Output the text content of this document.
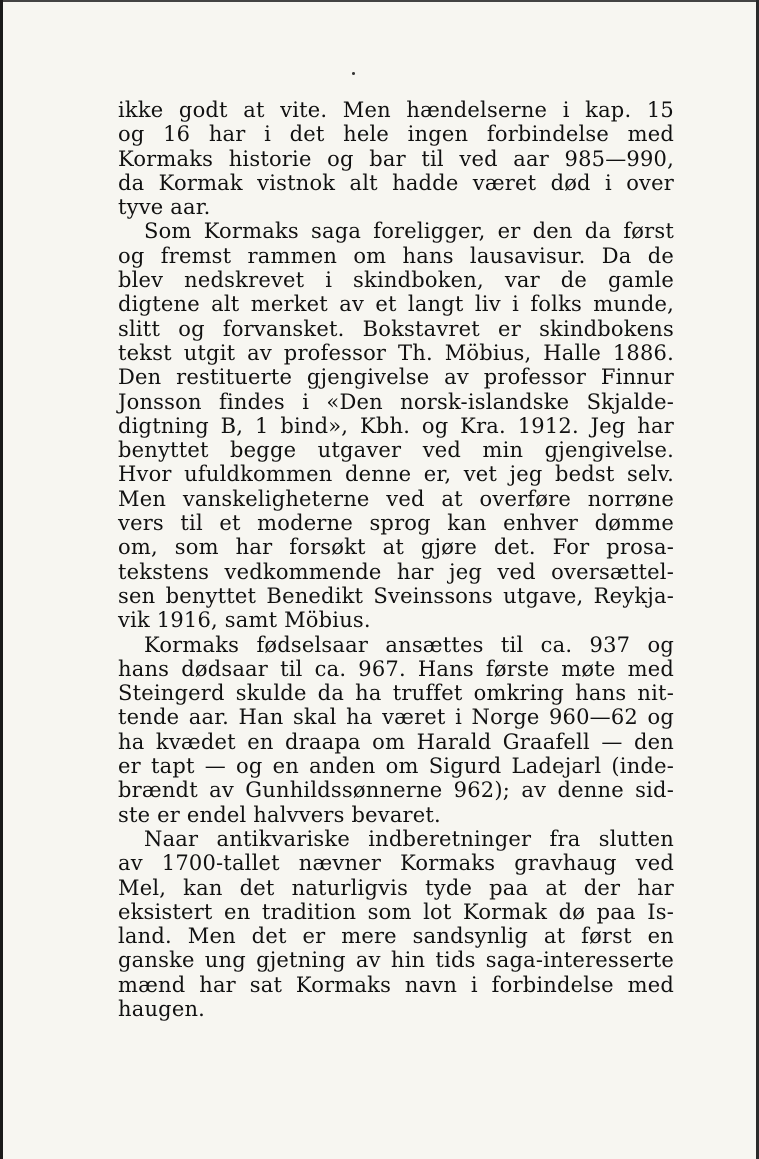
ikke godt at vite. Men hændelserne i kap. 15
og 16 har i det hele ingen forbindelse med
Kormaks historie og bar til ved aar 985—990,
da Kormak vistnok alt hadde været død i over
tyve aar.
Som Kormaks saga foreligger, er den da først
og fremst rammen om hans lausavisur. Da de
blev nedskrevet i skindboken, var de gamle
digtene alt merket av et langt liv i folks munde,
slitt og forvansket. Bokstavret er skindbokens
tekst utgit av professor Th. Möbius, Halle 1886.
Den restituerte gjengivelse av professor Finnur
Jonsson findes i «Den norsk-islandske Skjalde-
digtning B, 1 bind», Kbh. og Kra. 1912. Jeg har
benyttet begge utgaver ved min gjengivelse.
Hvor ufuldkommen denne er, vet jeg bedst selv.
Men vanskeligheterne ved at overføre norrøne
vers til et moderne sprog kan enhver dømme
om, som har forsøkt at gjøre det. For prosa-
tekstens vedkommende har jeg ved oversættel-
sen benyttet Benedikt Sveinssons utgave, Reykja-
vik 1916, samt Möbius.
Kormaks fødselsaar ansættes til ca. 937 og
hans dødsaar til ca. 967. Hans første møte med
Steingerd skulde da ha truffet omkring hans nit-
tende aar. Han skal ha været i Norge 960—62 og
ha kvædet en draapa om Harald Graafell — den
er tapt — og en anden om Sigurd Ladejarl (inde-
brændt av Gunhildssønnerne 962); av denne sid-
ste er endel halvvers bevaret.
Naar antikvariske indberetninger fra slutten
av 1700-tallet nævner Kormaks gravhaug ved
Mel, kan det naturligvis tyde paa at der har
eksistert en tradition som lot Kormak dø paa Is-
land. Men det er mere sandsynlig at først en
ganske ung gjetning av hin tids saga-interesserte
mænd har sat Kormaks navn i forbindelse med
haugen.
